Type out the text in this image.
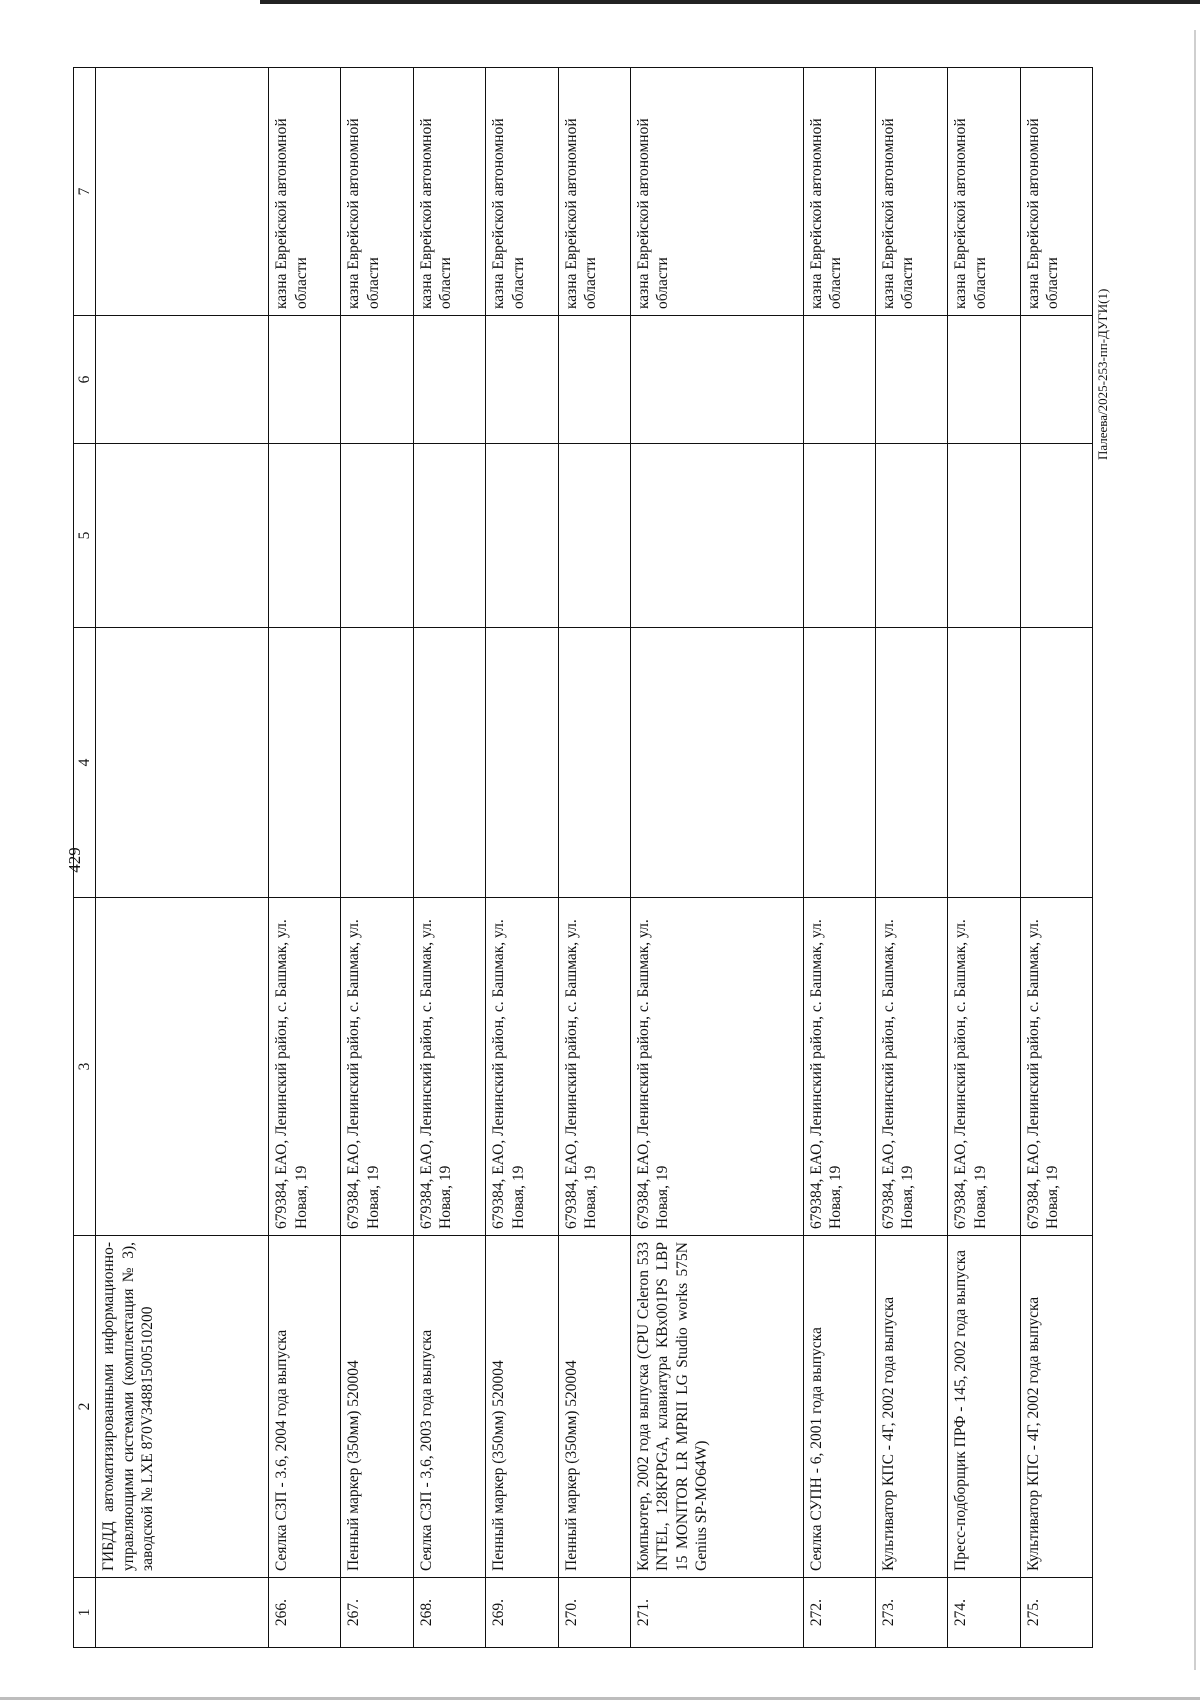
429
Палеева/2025-253-пп-ДУГИ(1)
1	2	3	4	5	6	7
	ГИБДД автоматизированными информационно-управляющими системами (комплектация № 3), заводской № LXE 870V34881500510200					
266.	Сеялка СЗП - 3.6, 2004 года выпуска	679384, ЕАО, Ленинский район, с. Башмак, ул. Новая, 19				казна Еврейской автономной области
267.	Пенный маркер (350мм) 520004	679384, ЕАО, Ленинский район, с. Башмак, ул. Новая, 19				казна Еврейской автономной области
268.	Сеялка СЗП - 3,6, 2003 года выпуска	679384, ЕАО, Ленинский район, с. Башмак, ул. Новая, 19				казна Еврейской автономной области
269.	Пенный маркер (350мм) 520004	679384, ЕАО, Ленинский район, с. Башмак, ул. Новая, 19				казна Еврейской автономной области
270.	Пенный маркер (350мм) 520004	679384, ЕАО, Ленинский район, с. Башмак, ул. Новая, 19				казна Еврейской автономной области
271.	Компьютер, 2002 года выпуска (CPU Celeron 533 INTEL, 128KPPGA, клавиатура KBx001PS LBP 15 MONITOR LR MPRII LG Studio works 575N Genius SP-MO64W)	679384, ЕАО, Ленинский район, с. Башмак, ул. Новая, 19				казна Еврейской автономной области
272.	Сеялка СУПН - 6, 2001 года выпуска	679384, ЕАО, Ленинский район, с. Башмак, ул. Новая, 19				казна Еврейской автономной области
273.	Культиватор КПС - 4Г, 2002 года выпуска	679384, ЕАО, Ленинский район, с. Башмак, ул. Новая, 19				казна Еврейской автономной области
274.	Пресс-подборщик ПРФ - 145, 2002 года выпуска	679384, ЕАО, Ленинский район, с. Башмак, ул. Новая, 19				казна Еврейской автономной области
275.	Культиватор КПС - 4Г, 2002 года выпуска	679384, ЕАО, Ленинский район, с. Башмак, ул. Новая, 19				казна Еврейской автономной области
